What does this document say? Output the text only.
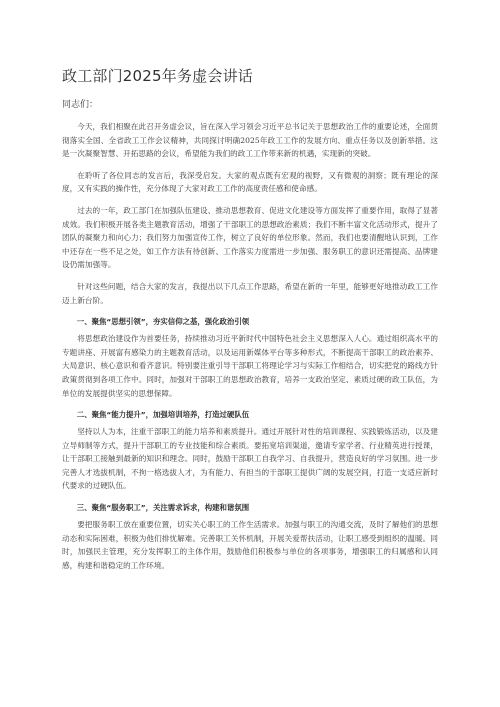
政工部门2025年务虚会讲话

同志们：

今天，我们相聚在此召开务虚会议，旨在深入学习领会习近平总书记关于思想政治工作的重要论述，全面贯彻落实全国、全省政工工作会议精神，共同探讨明确2025年政工工作的发展方向、重点任务以及创新举措。这是一次凝聚智慧、开拓思路的会议，希望能为我们的政工工作带来新的机遇，实现新的突破。

在聆听了各位同志的发言后，我深受启发。大家的观点既有宏观的视野，又有微观的洞察；既有理论的深度，又有实践的操作性，充分体现了大家对政工工作的高度责任感和使命感。

过去的一年，政工部门在加强队伍建设、推动思想教育、促进文化建设等方面发挥了重要作用，取得了显著成效。我们积极开展各类主题教育活动，增强了干部职工的思想政治素质；我们不断丰富文化活动形式，提升了团队的凝聚力和向心力；我们努力加强宣传工作，树立了良好的单位形象。然而，我们也要清醒地认识到，工作中还存在一些不足之处，如工作方法有待创新、工作落实力度需进一步加强、服务职工的意识还需提高、品牌建设仍需加强等。

针对这些问题，结合大家的发言，我提出以下几点工作思路，希望在新的一年里，能够更好地推动政工工作迈上新台阶。

一、聚焦“思想引领”，夯实信仰之基，强化政治引领

将思想政治建设作为首要任务，持续推动习近平新时代中国特色社会主义思想深入人心。通过组织高水平的专题讲座、开展富有感染力的主题教育活动，以及运用新媒体平台等多种形式，不断提高干部职工的政治素养、大局意识、核心意识和看齐意识。特别要注重引导干部职工将理论学习与实际工作相结合，切实把党的路线方针政策贯彻到各项工作中。同时，加强对干部职工的思想政治教育，培养一支政治坚定、素质过硬的政工队伍，为单位的发展提供坚实的思想保障。

二、聚焦“能力提升”，加强培训培养，打造过硬队伍

坚持以人为本，注重干部职工的能力培养和素质提升。通过开展针对性的培训课程、实践锻炼活动，以及建立导师制等方式，提升干部职工的专业技能和综合素质。要拓宽培训渠道，邀请专家学者、行业精英进行授课，让干部职工接触到最新的知识和理念。同时，鼓励干部职工自我学习、自我提升，营造良好的学习氛围。进一步完善人才选拔机制，不拘一格选拔人才，为有能力、有担当的干部职工提供广阔的发展空间，打造一支适应新时代要求的过硬队伍。

三、聚焦“服务职工”，关注需求诉求，构建和谐氛围

要把服务职工放在重要位置，切实关心职工的工作生活需求。加强与职工的沟通交流，及时了解他们的思想动态和实际困难，积极为他们排忧解难。完善职工关怀机制，开展关爱帮扶活动，让职工感受到组织的温暖。同时，加强民主管理，充分发挥职工的主体作用，鼓励他们积极参与单位的各项事务，增强职工的归属感和认同感，构建和谐稳定的工作环境。
